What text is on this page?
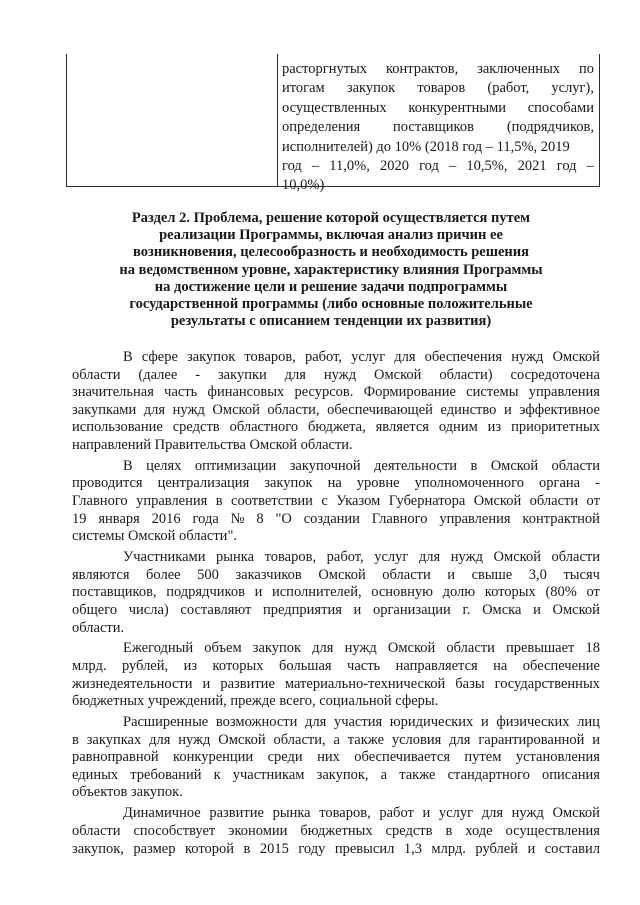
расторгнутых контрактов, заключенных по
итогам закупок товаров (работ, услуг),
осуществленных конкурентными способами
определения поставщиков (подрядчиков,
исполнителей) до 10% (2018 год – 11,5%, 2019
год – 11,0%, 2020 год – 10,5%, 2021 год –
10,0%)
Раздел 2. Проблема, решение которой осуществляется путем
реализации Программы, включая анализ причин ее
возникновения, целесообразность и необходимость решения
на ведомственном уровне, характеристику влияния Программы
на достижение цели и решение задачи подпрограммы
государственной программы (либо основные положительные
результаты с описанием тенденции их развития)
В сфере закупок товаров, работ, услуг для обеспечения нужд Омской
области (далее - закупки для нужд Омской области) сосредоточена
значительная часть финансовых ресурсов. Формирование системы управления
закупками для нужд Омской области, обеспечивающей единство и эффективное
использование средств областного бюджета, является одним из приоритетных
направлений Правительства Омской области.
В целях оптимизации закупочной деятельности в Омской области
проводится централизация закупок на уровне уполномоченного органа -
Главного управления в соответствии с Указом Губернатора Омской области от
19 января 2016 года № 8 "О создании Главного управления контрактной
системы Омской области".
Участниками рынка товаров, работ, услуг для нужд Омской области
являются более 500 заказчиков Омской области и свыше 3,0 тысяч
поставщиков, подрядчиков и исполнителей, основную долю которых (80% от
общего числа) составляют предприятия и организации г. Омска и Омской
области.
Ежегодный объем закупок для нужд Омской области превышает 18
млрд. рублей, из которых большая часть направляется на обеспечение
жизнедеятельности и развитие материально-технической базы государственных
бюджетных учреждений, прежде всего, социальной сферы.
Расширенные возможности для участия юридических и физических лиц
в закупках для нужд Омской области, а также условия для гарантированной и
равноправной конкуренции среди них обеспечивается путем установления
единых требований к участникам закупок, а также стандартного описания
объектов закупок.
Динамичное развитие рынка товаров, работ и услуг для нужд Омской
области способствует экономии бюджетных средств в ходе осуществления
закупок, размер которой в 2015 году превысил 1,3 млрд. рублей и составил
